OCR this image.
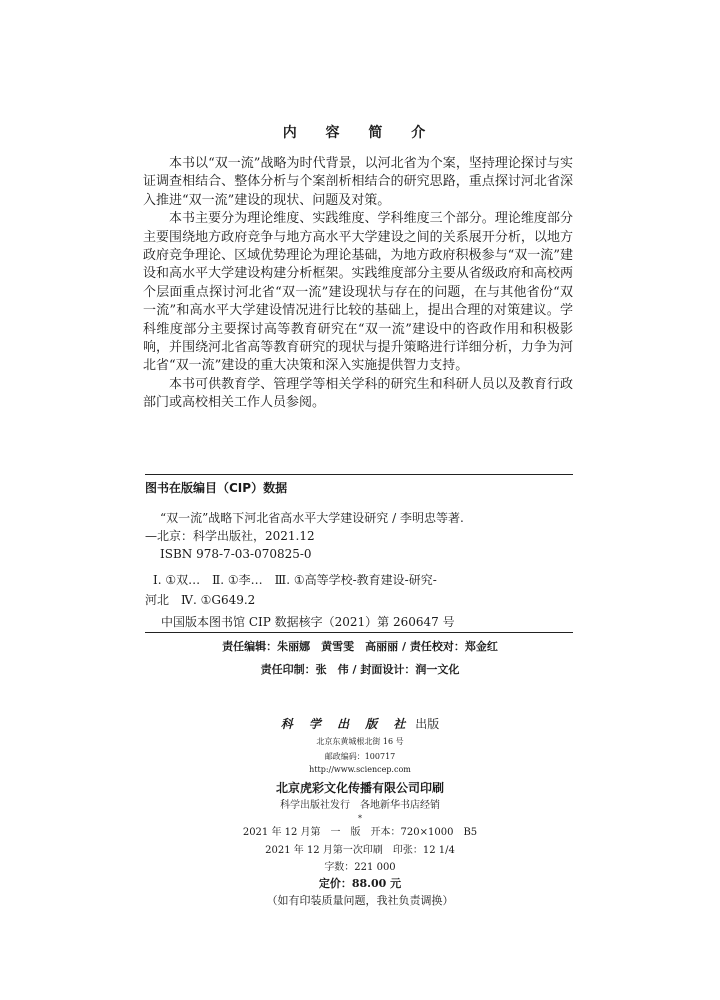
内 容 简 介

本书以“双一流”战略为时代背景，以河北省为个案，坚持理论探讨与实证调查相结合、整体分析与个案剖析相结合的研究思路，重点探讨河北省深入推进“双一流”建设的现状、问题及对策。

本书主要分为理论维度、实践维度、学科维度三个部分。理论维度部分主要围绕地方政府竞争与地方高水平大学建设之间的关系展开分析，以地方政府竞争理论、区域优势理论为理论基础，为地方政府积极参与“双一流”建设和高水平大学建设构建分析框架。实践维度部分主要从省级政府和高校两个层面重点探讨河北省“双一流”建设现状与存在的问题，在与其他省份“双一流”和高水平大学建设情况进行比较的基础上，提出合理的对策建议。学科维度部分主要探讨高等教育研究在“双一流”建设中的咨政作用和积极影响，并围绕河北省高等教育研究的现状与提升策略进行详细分析，力争为河北省“双一流”建设的重大决策和深入实施提供智力支持。

本书可供教育学、管理学等相关学科的研究生和科研人员以及教育行政部门或高校相关工作人员参阅。

图书在版编目（CIP）数据
“双一流”战略下河北省高水平大学建设研究 / 李明忠等著.
—北京：科学出版社，2021.12
ISBN 978-7-03-070825-0
Ⅰ. ①双…　Ⅱ. ①李…　Ⅲ. ①高等学校-教育建设-研究-
河北　Ⅳ. ①G649.2
中国版本图书馆 CIP 数据核字（2021）第 260647 号
责任编辑：朱丽娜　黄雪雯　高丽丽 / 责任校对：郑金红
责任印制：张　伟 / 封面设计：润一文化
科 学 出 版 社 出版
北京东黄城根北街 16 号
邮政编码：100717
http://www.sciencep.com
北京虎彩文化传播有限公司印刷
科学出版社发行　各地新华书店经销
*
2021 年 12 月第　一　版　开本：720×1000　B5
2021 年 12 月第一次印刷　印张：12 1/4
字数：221 000
定价：88.00 元
（如有印装质量问题，我社负责调换）
